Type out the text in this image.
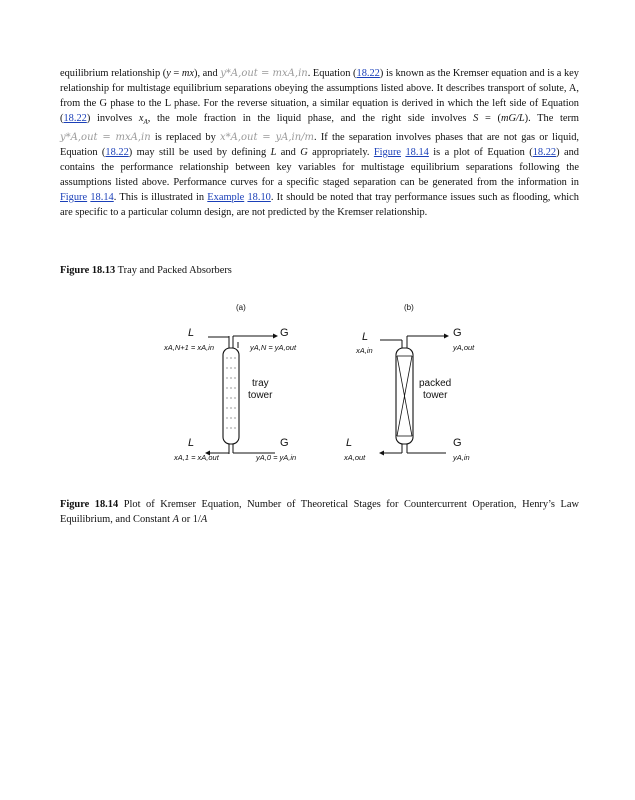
equilibrium relationship (y = mx), and y*A,out = mxA,in. Equation (18.22) is known as the Kremser equation and is a key relationship for multistage equilibrium separations obeying the assumptions listed above. It describes transport of solute, A, from the G phase to the L phase. For the reverse situation, a similar equation is derived in which the left side of Equation (18.22) involves $x_A$, the mole fraction in the liquid phase, and the right side involves S = (mG/L). The term y*A,out = mxA,in is replaced by x*A,out = yA,in/m. If the separation involves phases that are not gas or liquid, Equation (18.22) may still be used by defining L and G appropriately. Figure 18.14 is a plot of Equation (18.22) and contains the performance relationship between key variables for multistage equilibrium separations following the assumptions listed above. Performance curves for a specific staged separation can be generated from the information in Figure 18.14. This is illustrated in Example 18.10. It should be noted that tray performance issues such as flooding, which are specific to a particular column design, are not predicted by the Kremser relationship.

Figure 18.13 Tray and Packed Absorbers
(a)	(b)
L
xA,N+1 = xA,in
G
yA,N = yA,out
tray
tower
L
xA,1 = xA,out
G
yA,0 = yA,in
L
xA,in
G
yA,out
packed
tower
L
xA,out
G
yA,in
Figure 18.14 Plot of Kremser Equation, Number of Theoretical Stages for Countercurrent Operation, Henry’s Law Equilibrium, and Constant A or 1/A
